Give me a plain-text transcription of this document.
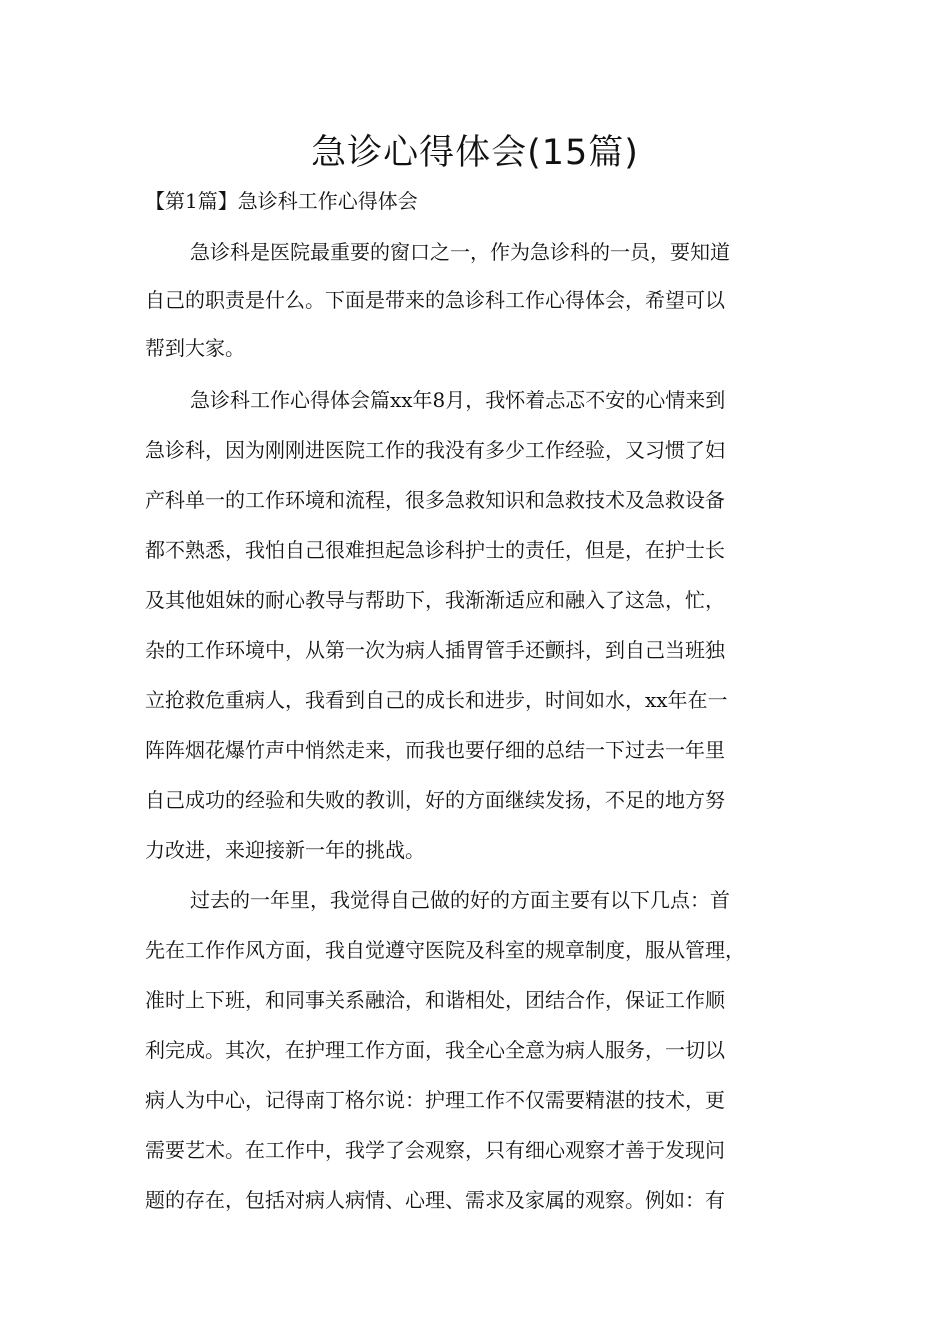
急诊心得体会(15篇)
【第1篇】急诊科工作心得体会
急诊科是医院最重要的窗口之一，作为急诊科的一员，要知道
自己的职责是什么。下面是带来的急诊科工作心得体会，希望可以
帮到大家。
急诊科工作心得体会篇xx年8月，我怀着忐忑不安的心情来到
急诊科，因为刚刚进医院工作的我没有多少工作经验，又习惯了妇
产科单一的工作环境和流程，很多急救知识和急救技术及急救设备
都不熟悉，我怕自己很难担起急诊科护士的责任，但是，在护士长
及其他姐妹的耐心教导与帮助下，我渐渐适应和融入了这急，忙，
杂的工作环境中，从第一次为病人插胃管手还颤抖，到自己当班独
立抢救危重病人，我看到自己的成长和进步，时间如水，xx年在一
阵阵烟花爆竹声中悄然走来，而我也要仔细的总结一下过去一年里
自己成功的经验和失败的教训，好的方面继续发扬，不足的地方努
力改进，来迎接新一年的挑战。
过去的一年里，我觉得自己做的好的方面主要有以下几点：首
先在工作作风方面，我自觉遵守医院及科室的规章制度，服从管理，
准时上下班，和同事关系融洽，和谐相处，团结合作，保证工作顺
利完成。其次，在护理工作方面，我全心全意为病人服务，一切以
病人为中心，记得南丁格尔说：护理工作不仅需要精湛的技术，更
需要艺术。在工作中，我学了会观察，只有细心观察才善于发现问
题的存在，包括对病人病情、心理、需求及家属的观察。例如：有
